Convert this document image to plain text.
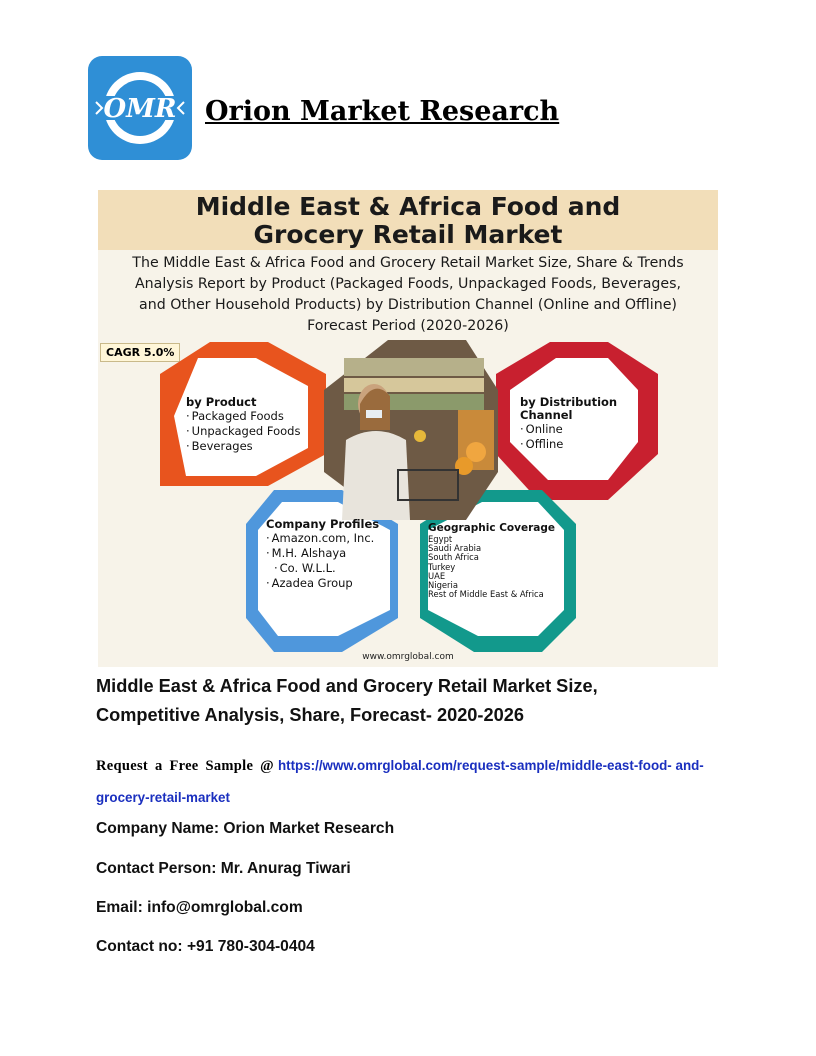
OMR Orion Market Research
Middle East & Africa Food and
Grocery Retail Market
The Middle East & Africa Food and Grocery Retail Market Size, Share & Trends Analysis Report by Product (Packaged Foods, Unpackaged Foods, Beverages, and Other Household Products) by Distribution Channel (Online and Offline) Forecast Period (2020-2026)
CAGR 5.0%
by Product
· Packaged Foods
· Unpackaged Foods
· Beverages
by Distribution
Channel
· Online
· Offline
Company Profiles
· Amazon.com, Inc.
· M.H. Alshaya
· Co. W.L.L.
· Azadea Group
Geographic Coverage
Egypt
Saudi Arabia
South Africa
Turkey
UAE
Nigeria
Rest of Middle East & Africa
www.omrglobal.com
Middle East & Africa Food and Grocery Retail Market Size,
Competitive Analysis, Share, Forecast- 2020-2026
Request a Free Sample @ https://www.omrglobal.com/request-sample/middle-east-food- and-grocery-retail-market
Company Name: Orion Market Research
Contact Person: Mr. Anurag Tiwari
Email: info@omrglobal.com
Contact no: +91 780-304-0404
